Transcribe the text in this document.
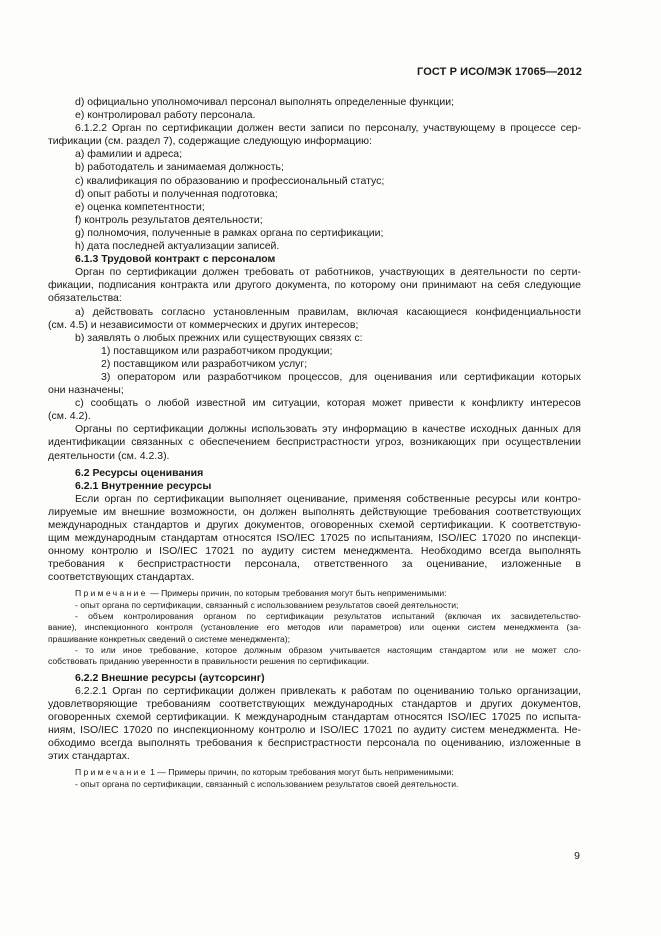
ГОСТ Р ИСО/МЭК 17065—2012
d) официально уполномочивал персонал выполнять определенные функции;
e) контролировал работу персонала.
6.1.2.2 Орган по сертификации должен вести записи по персоналу, участвующему в процессе сер-
тификации (см. раздел 7), содержащие следующую информацию:
a) фамилии и адреса;
b) работодатель и занимаемая должность;
c) квалификация по образованию и профессиональный статус;
d) опыт работы и полученная подготовка;
e) оценка компетентности;
f) контроль результатов деятельности;
g) полномочия, полученные в рамках органа по сертификации;
h) дата последней актуализации записей.
6.1.3 Трудовой контракт с персоналом
Орган по сертификации должен требовать от работников, участвующих в деятельности по серти-
фикации, подписания контракта или другого документа, по которому они принимают на себя следующие
обязательства:
a) действовать согласно установленным правилам, включая касающиеся конфиденциальности
(см. 4.5) и независимости от коммерческих и других интересов;
b) заявлять о любых прежних или существующих связях с:
1) поставщиком или разработчиком продукции;
2) поставщиком или разработчиком услуг;
3) оператором или разработчиком процессов, для оценивания или сертификации которых
они назначены;
c) сообщать о любой известной им ситуации, которая может привести к конфликту интересов
(см. 4.2).
Органы по сертификации должны использовать эту информацию в качестве исходных данных для
идентификации связанных с обеспечением беспристрастности угроз, возникающих при осуществлении
деятельности (см. 4.2.3).
6.2 Ресурсы оценивания
6.2.1 Внутренние ресурсы
Если орган по сертификации выполняет оценивание, применяя собственные ресурсы или контро-
лируемые им внешние возможности, он должен выполнять действующие требования соответствующих
международных стандартов и других документов, оговоренных схемой сертификации. К соответствую-
щим международным стандартам относятся ISO/IEC 17025 по испытаниям, ISO/IEC 17020 по инспекци-
онному контролю и ISO/IEC 17021 по аудиту систем менеджмента. Необходимо всегда выполнять
требования к беспристрастности персонала, ответственного за оценивание, изложенные в
соответствующих стандартах.
Примечание — Примеры причин, по которым требования могут быть неприменимыми:
- опыт органа по сертификации, связанный с использованием результатов своей деятельности;
- объем контролирования органом по сертификации результатов испытаний (включая их засвидетельство-
вание), инспекционного контроля (установление его методов или параметров) или оценки систем менеджмента (за-
прашивание конкретных сведений о системе менеджмента);
- то или иное требование, которое должным образом учитывается настоящим стандартом или не может сло-
собствовать приданию уверенности в правильности решения по сертификации.
6.2.2 Внешние ресурсы (аутсорсинг)
6.2.2.1 Орган по сертификации должен привлекать к работам по оцениванию только организации,
удовлетворяющие требованиям соответствующих международных стандартов и других документов,
оговоренных схемой сертификации. К международным стандартам относятся ISO/IEC 17025 по испыта-
ниям, ISO/IEC 17020 по инспекционному контролю и ISO/IEC 17021 по аудиту систем менеджмента. Не-
обходимо всегда выполнять требования к беспристрастности персонала по оцениванию, изложенные в
этих стандартах.
Примечание 1 — Примеры причин, по которым требования могут быть неприменимыми:
- опыт органа по сертификации, связанный с использованием результатов своей деятельности.
9
